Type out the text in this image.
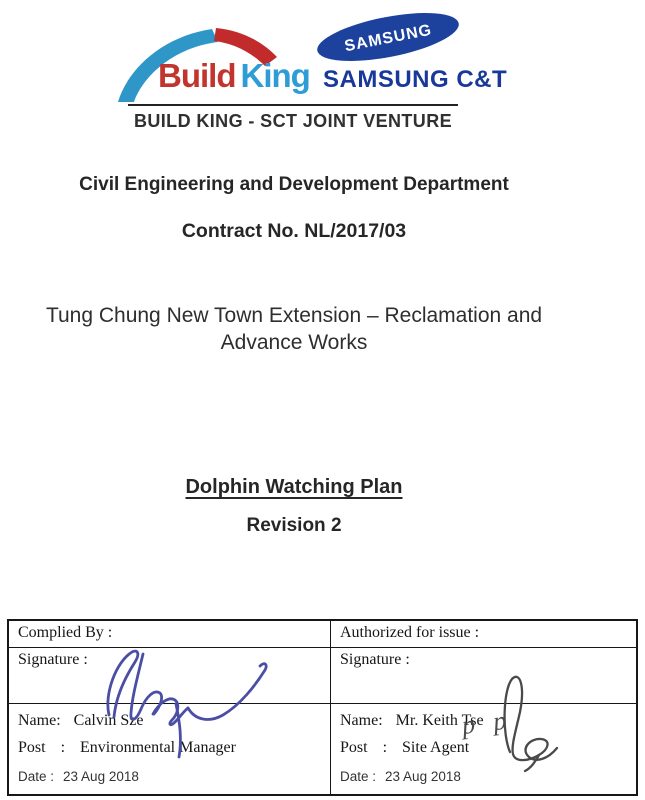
Build King SAMSUNG C&T
SAMSUNG
BUILD KING - SCT JOINT VENTURE
Civil Engineering and Development Department
Contract No. NL/2017/03
Tung Chung New Town Extension – Reclamation and
Advance Works
Dolphin Watching Plan
Revision 2
Complied By :	Authorized for issue :
Signature :	Signature :
Name: Calvin Sze
Post : Environmental Manager
Date : 23 Aug 2018
Name: Mr. Keith Tse
Post : Site Agent
Date : 23 Aug 2018
p p
